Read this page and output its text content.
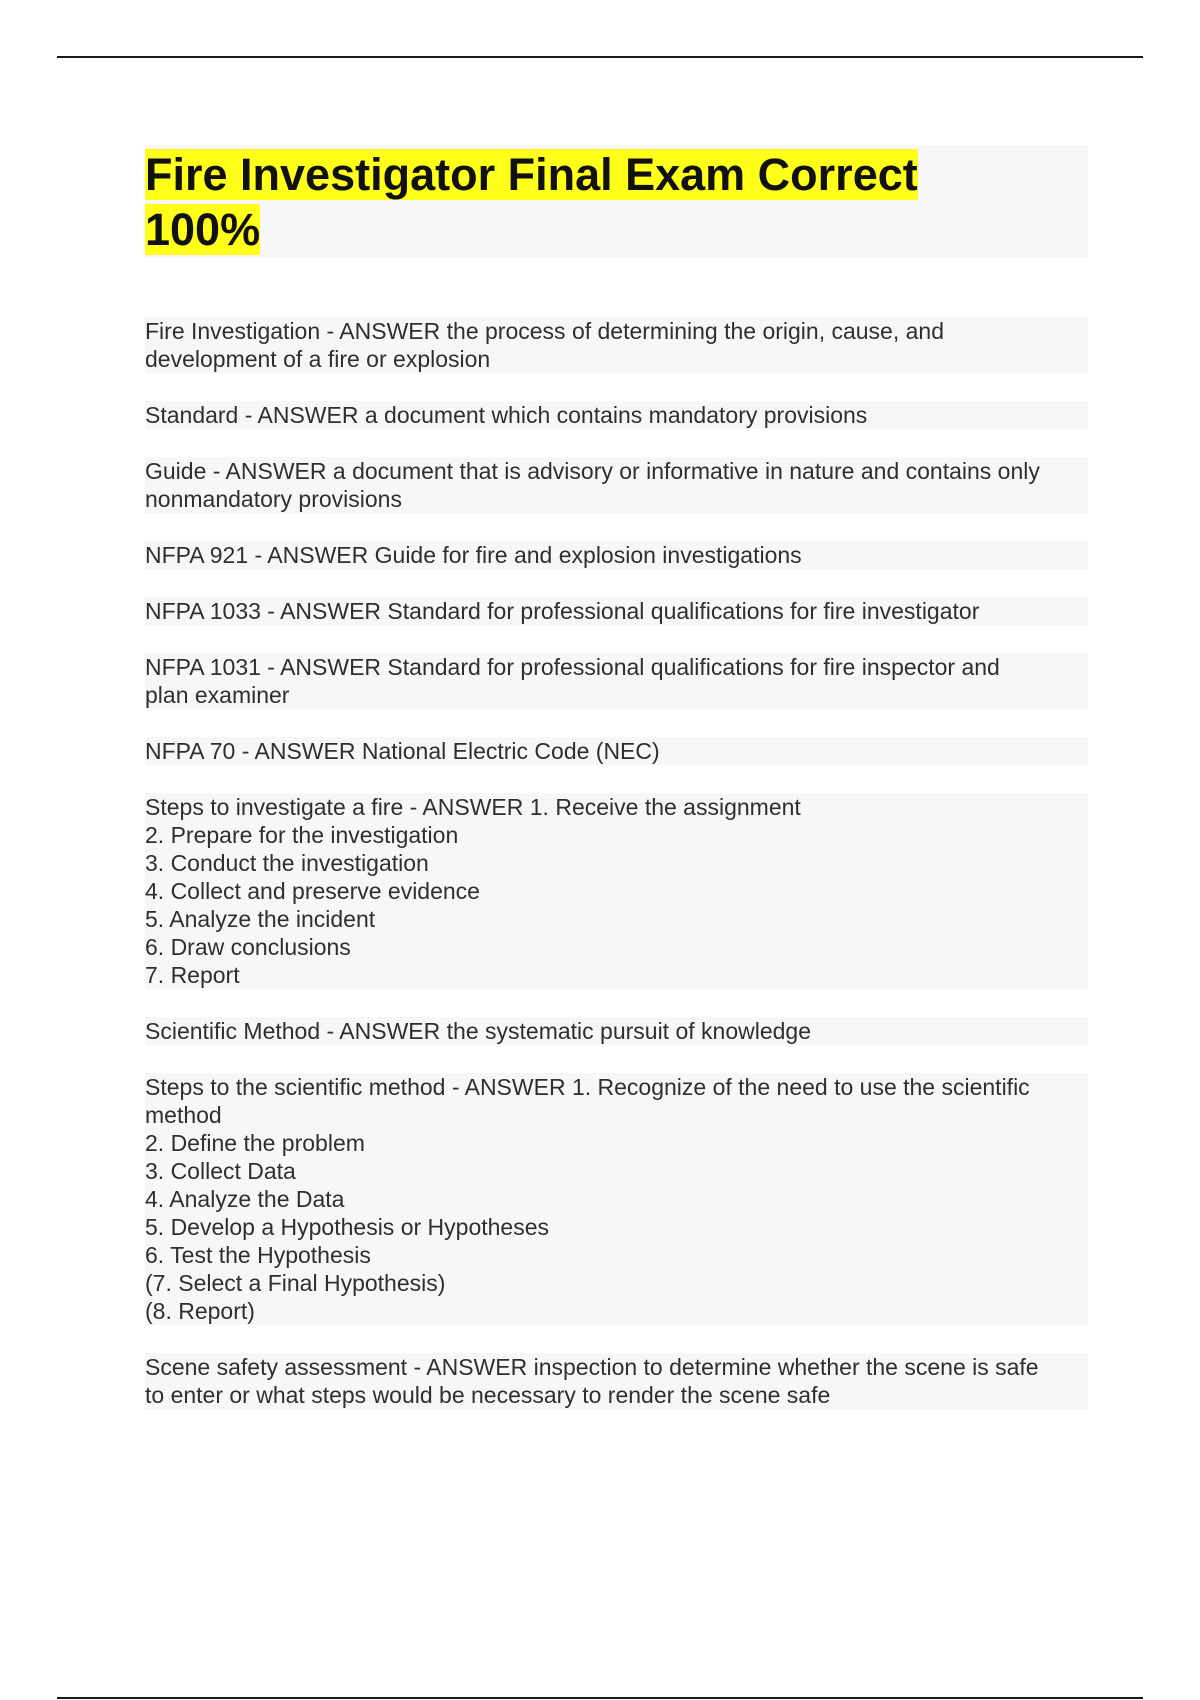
Fire Investigator Final Exam Correct
100%
Fire Investigation - ANSWER the process of determining the origin, cause, and
development of a fire or explosion
Standard - ANSWER a document which contains mandatory provisions
Guide - ANSWER a document that is advisory or informative in nature and contains only
nonmandatory provisions
NFPA 921 - ANSWER Guide for fire and explosion investigations
NFPA 1033 - ANSWER Standard for professional qualifications for fire investigator
NFPA 1031 - ANSWER Standard for professional qualifications for fire inspector and
plan examiner
NFPA 70 - ANSWER National Electric Code (NEC)
Steps to investigate a fire - ANSWER 1. Receive the assignment
2. Prepare for the investigation
3. Conduct the investigation
4. Collect and preserve evidence
5. Analyze the incident
6. Draw conclusions
7. Report
Scientific Method - ANSWER the systematic pursuit of knowledge
Steps to the scientific method - ANSWER 1. Recognize of the need to use the scientific
method
2. Define the problem
3. Collect Data
4. Analyze the Data
5. Develop a Hypothesis or Hypotheses
6. Test the Hypothesis
(7. Select a Final Hypothesis)
(8. Report)
Scene safety assessment - ANSWER inspection to determine whether the scene is safe
to enter or what steps would be necessary to render the scene safe
